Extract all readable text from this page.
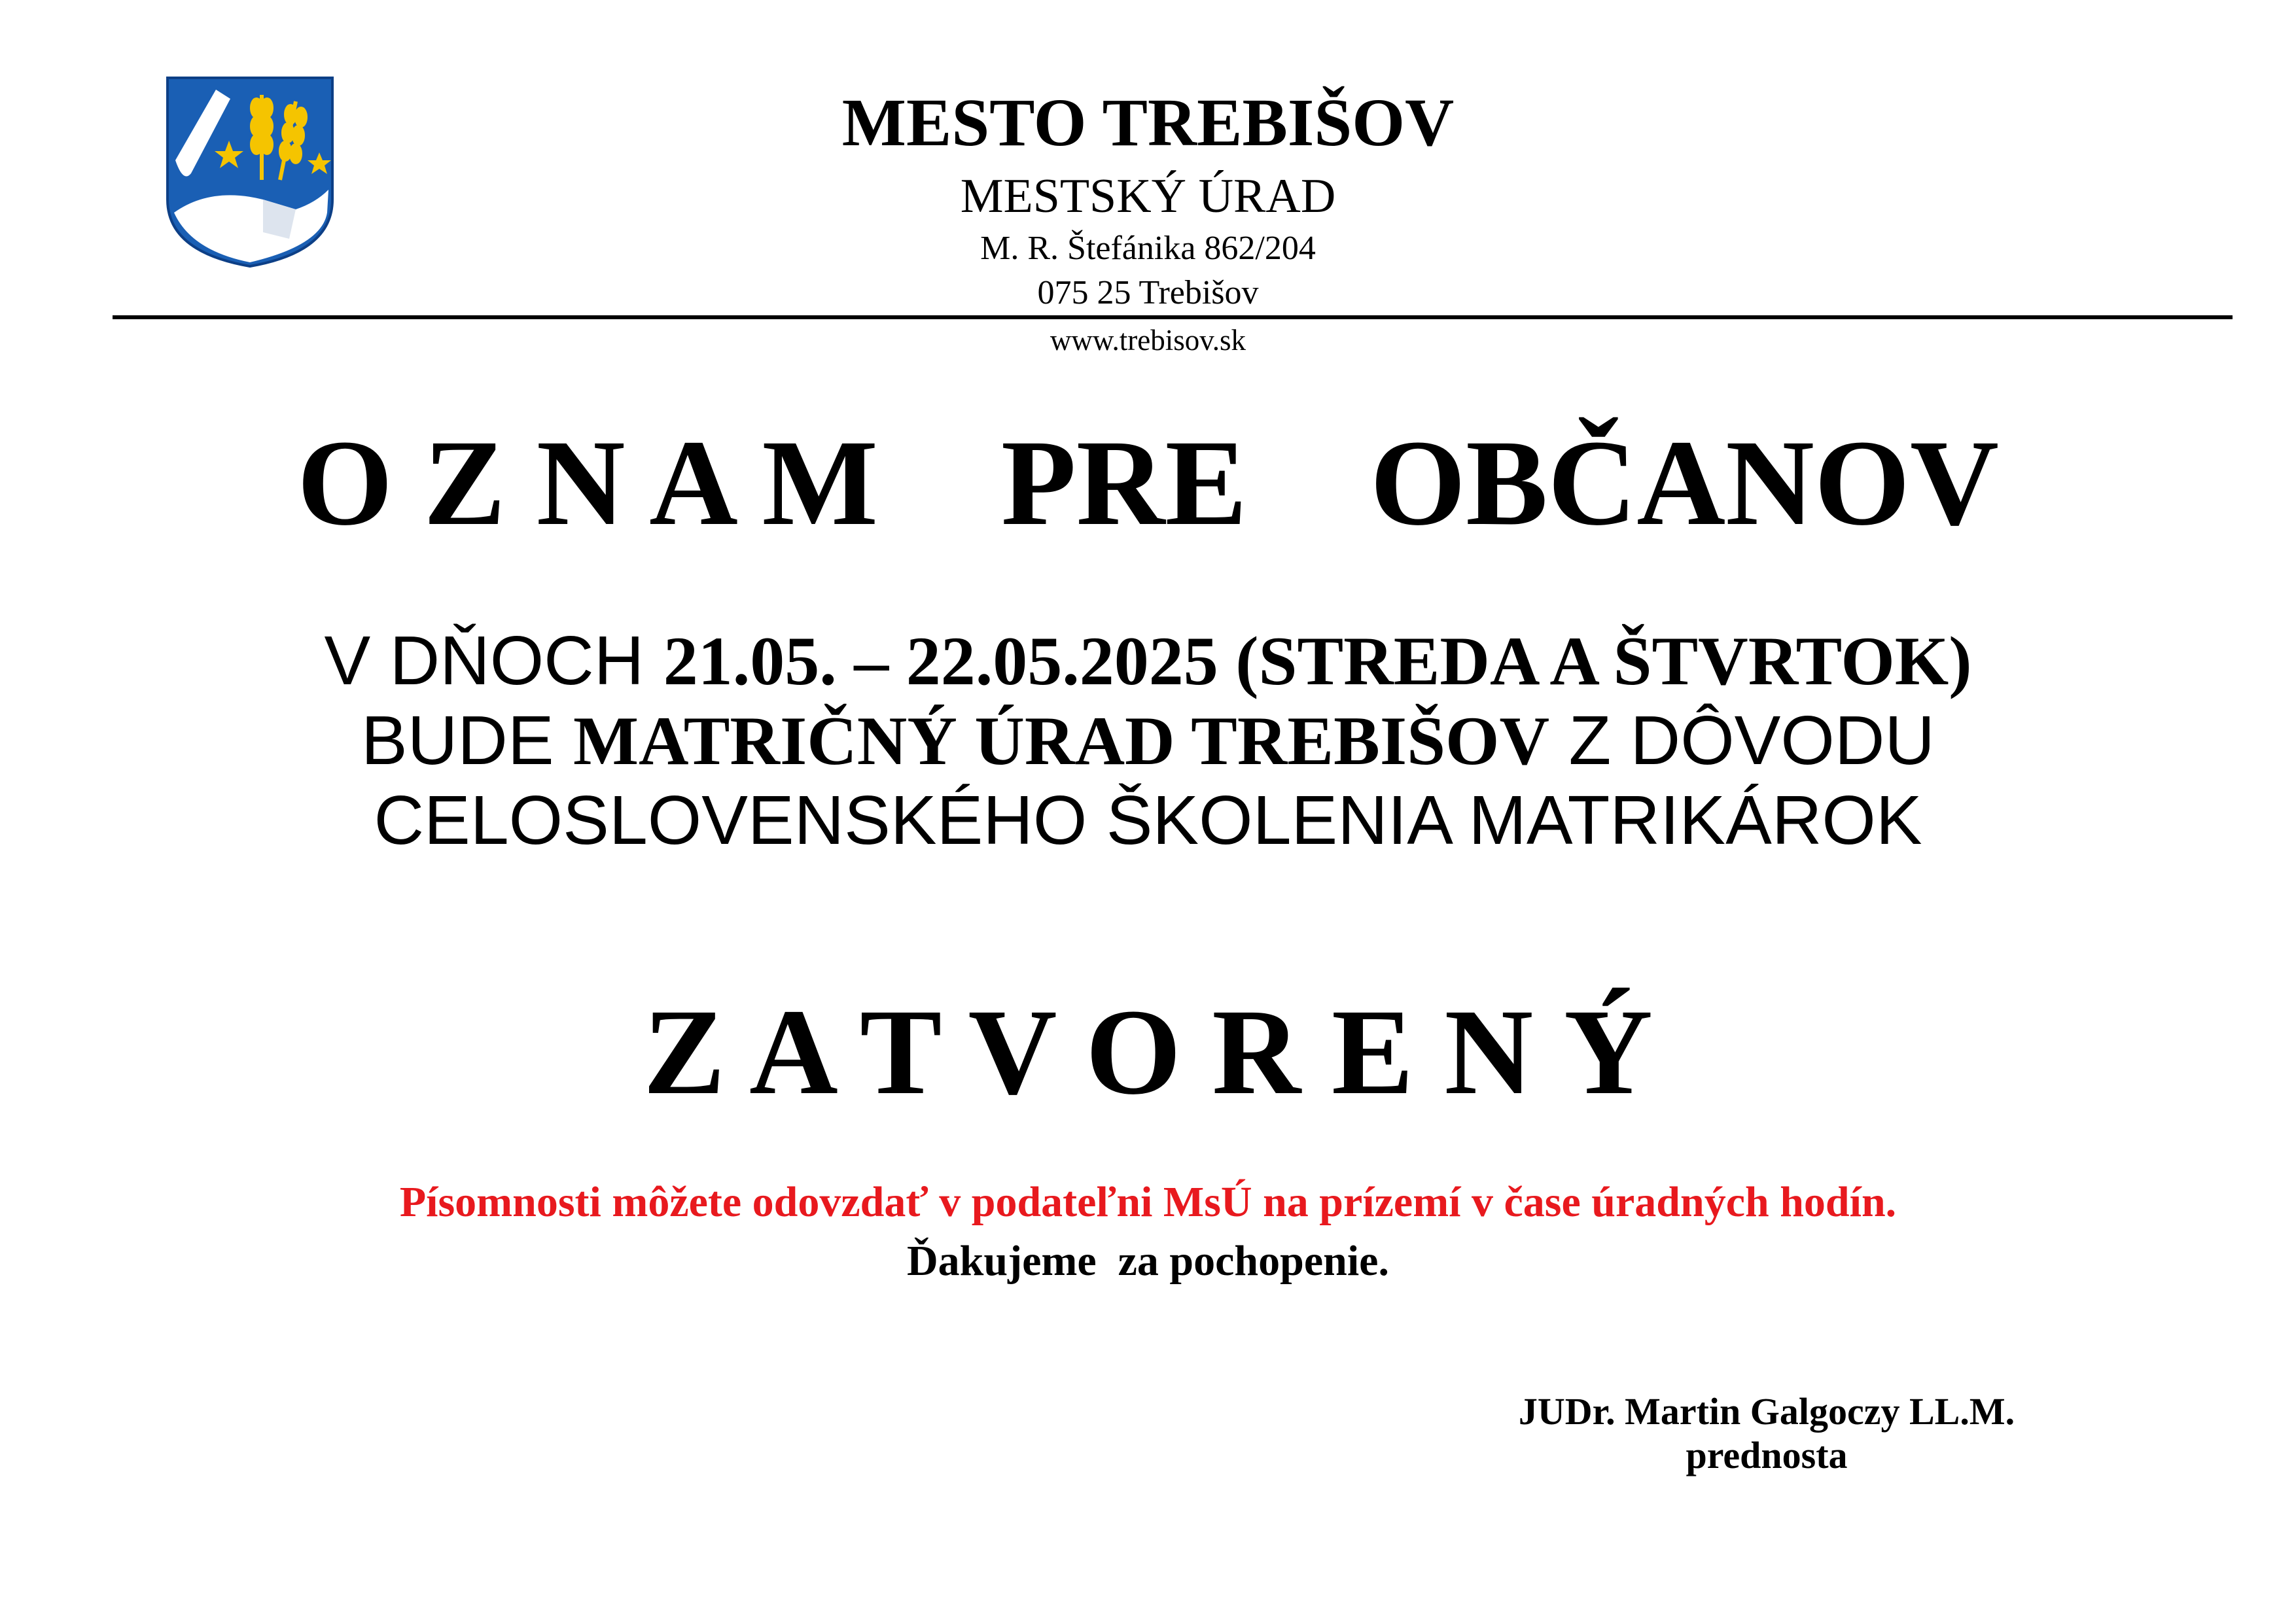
MESTO TREBIŠOV
MESTSKÝ ÚRAD
M. R. Štefánika 862/204
075 25 Trebišov
www.trebisov.sk
O Z N A M    PRE    OBČANOV
V DŇOCH 21.05. – 22.05.2025 (STREDA A ŠTVRTOK)
BUDE MATRIČNÝ ÚRAD TREBIŠOV Z DÔVODU
CELOSLOVENSKÉHO ŠKOLENIA MATRIKÁROK
Z A T V O R E N Ý
Písomnosti môžete odovzdať v podateľni MsÚ na prízemí v čase úradných hodín.
Ďakujeme  za pochopenie.
JUDr. Martin Galgoczy LL.M.
prednosta
